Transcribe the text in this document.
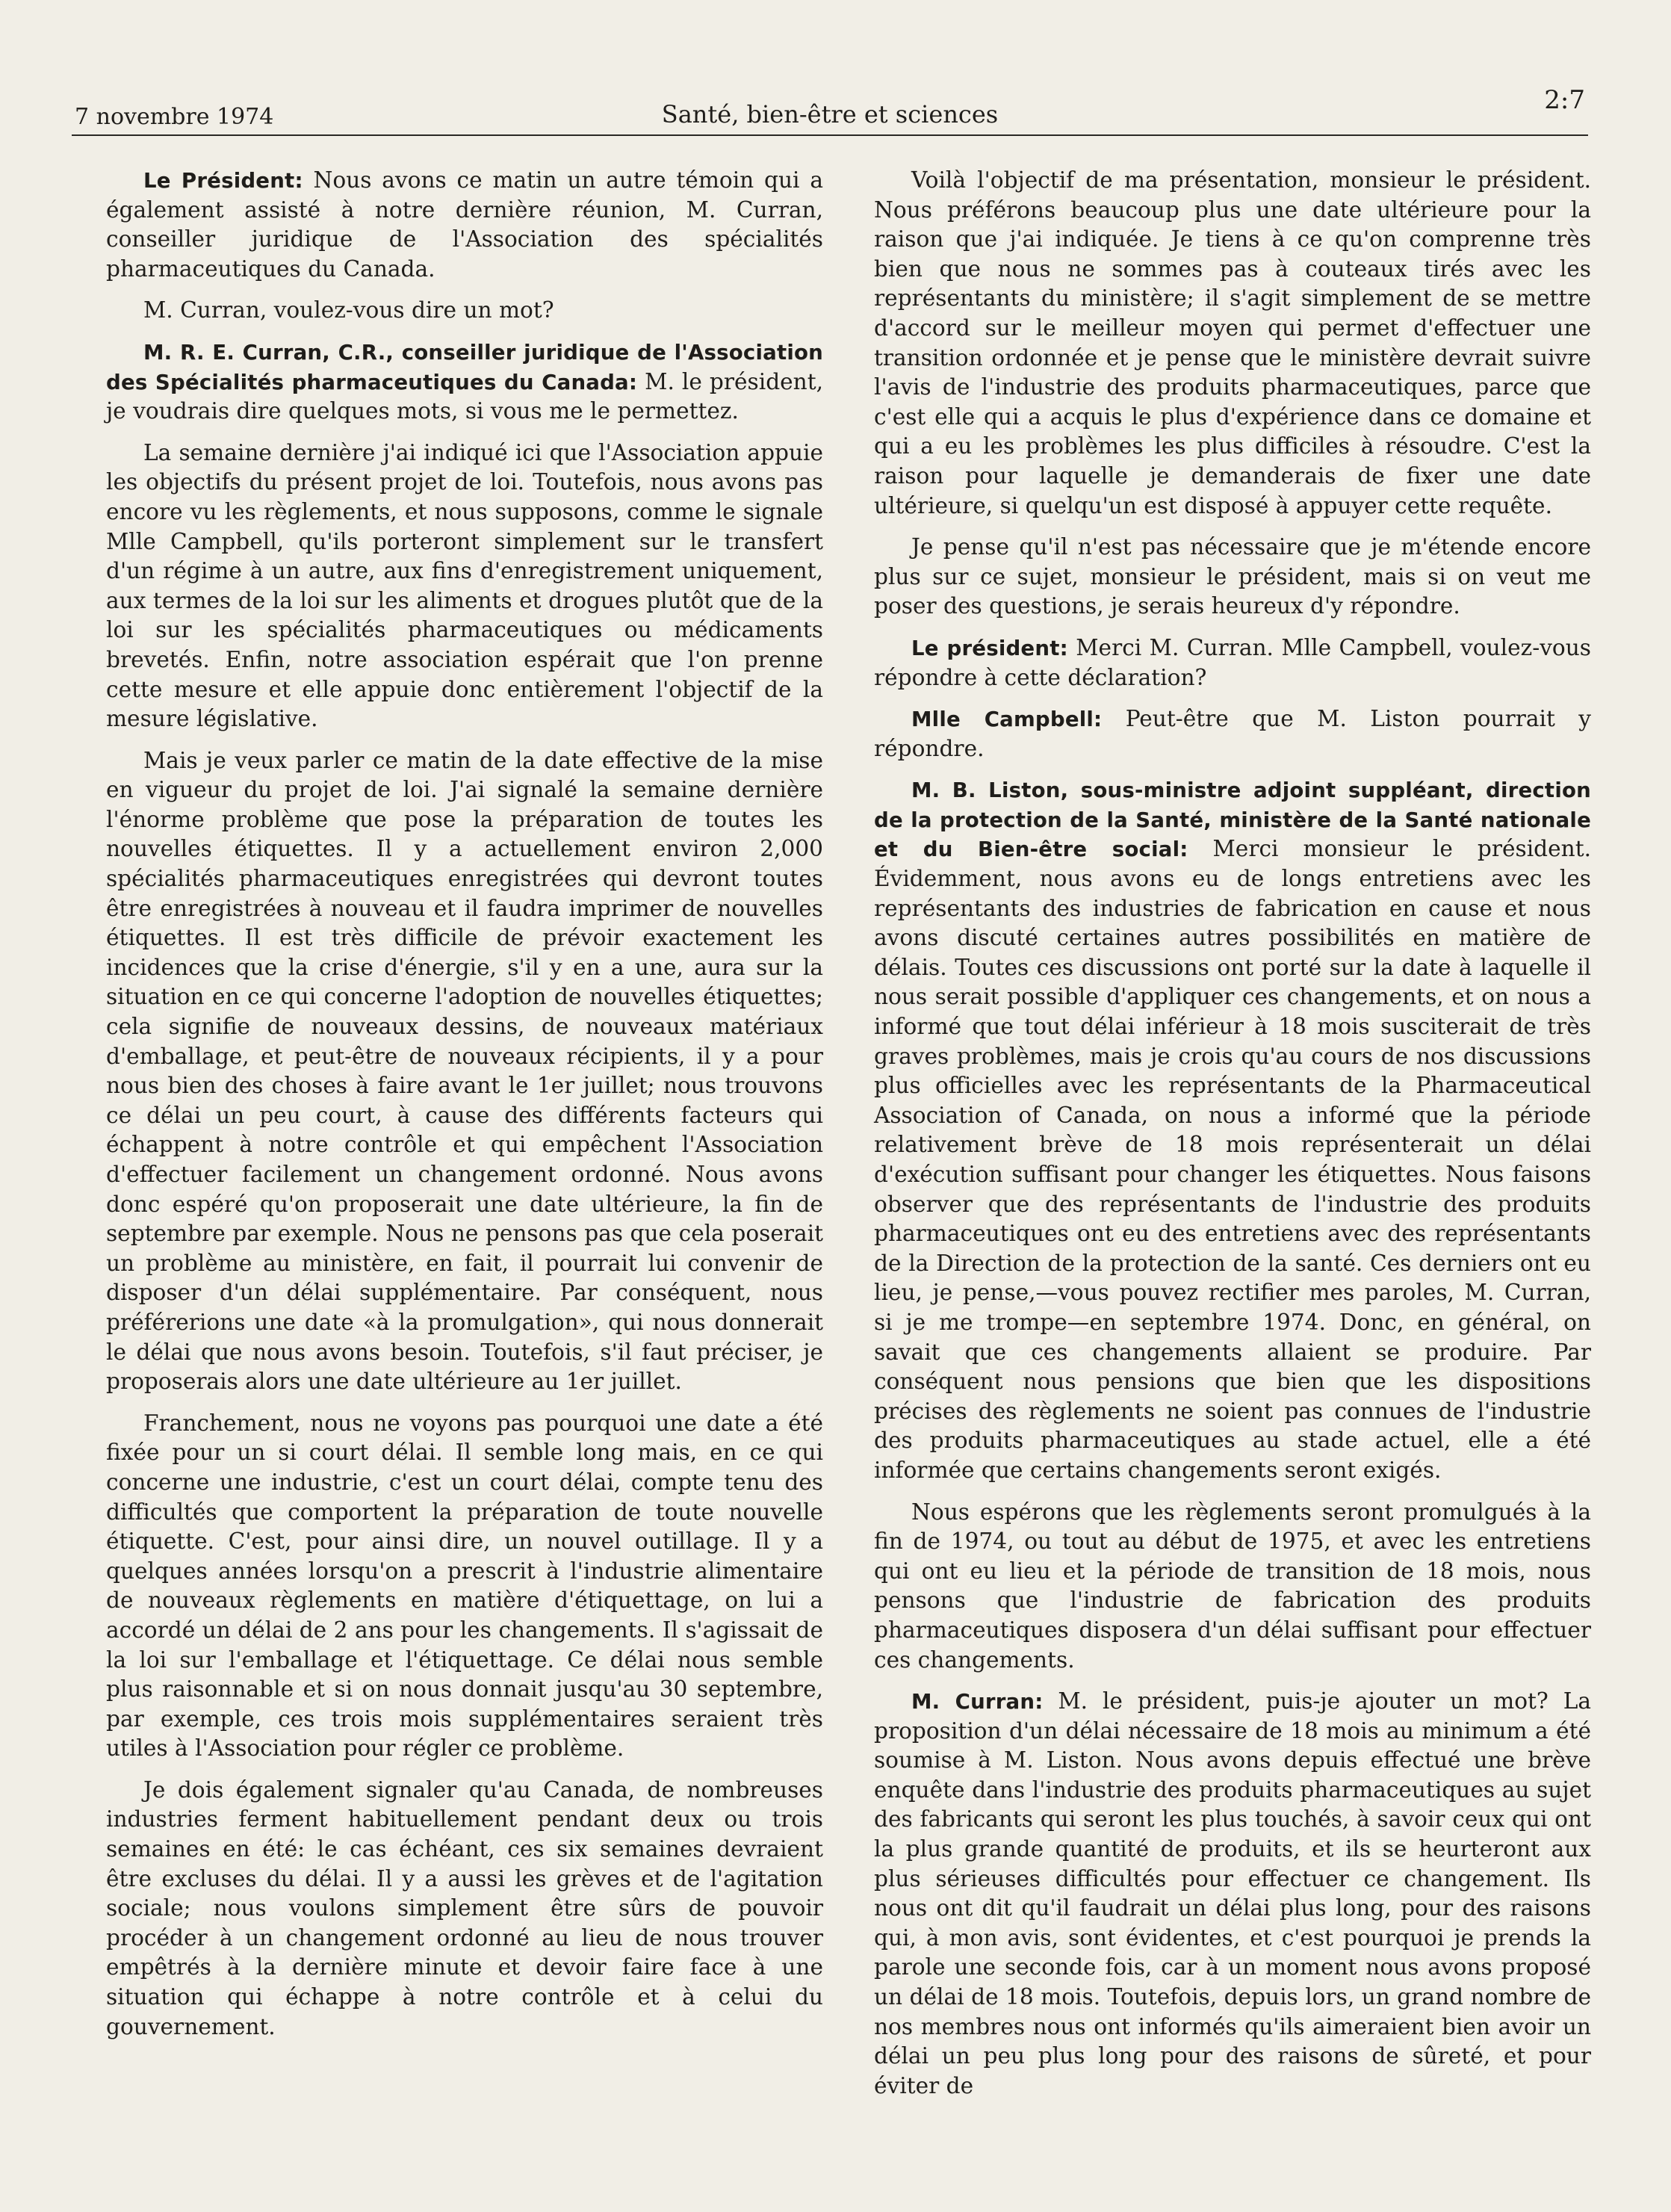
7 novembre 1974	Santé, bien-être et sciences	2:7

Le Président: Nous avons ce matin un autre témoin qui a également assisté à notre dernière réunion, M. Curran, conseiller juridique de l'Association des spécialités pharmaceutiques du Canada.

M. Curran, voulez-vous dire un mot?

M. R. E. Curran, C.R., conseiller juridique de l'Association des Spécialités pharmaceutiques du Canada: M. le président, je voudrais dire quelques mots, si vous me le permettez.

La semaine dernière j'ai indiqué ici que l'Association appuie les objectifs du présent projet de loi. Toutefois, nous avons pas encore vu les règlements, et nous supposons, comme le signale Mlle Campbell, qu'ils porteront simplement sur le transfert d'un régime à un autre, aux fins d'enregistrement uniquement, aux termes de la loi sur les aliments et drogues plutôt que de la loi sur les spécialités pharmaceutiques ou médicaments brevetés. Enfin, notre association espérait que l'on prenne cette mesure et elle appuie donc entièrement l'objectif de la mesure législative.

Mais je veux parler ce matin de la date effective de la mise en vigueur du projet de loi. J'ai signalé la semaine dernière l'énorme problème que pose la préparation de toutes les nouvelles étiquettes. Il y a actuellement environ 2,000 spécialités pharmaceutiques enregistrées qui devront toutes être enregistrées à nouveau et il faudra imprimer de nouvelles étiquettes. Il est très difficile de prévoir exactement les incidences que la crise d'énergie, s'il y en a une, aura sur la situation en ce qui concerne l'adoption de nouvelles étiquettes; cela signifie de nouveaux dessins, de nouveaux matériaux d'emballage, et peut-être de nouveaux récipients, il y a pour nous bien des choses à faire avant le 1er juillet; nous trouvons ce délai un peu court, à cause des différents facteurs qui échappent à notre contrôle et qui empêchent l'Association d'effectuer facilement un changement ordonné. Nous avons donc espéré qu'on proposerait une date ultérieure, la fin de septembre par exemple. Nous ne pensons pas que cela poserait un problème au ministère, en fait, il pourrait lui convenir de disposer d'un délai supplémentaire. Par conséquent, nous préférerions une date «à la promulgation», qui nous donnerait le délai que nous avons besoin. Toutefois, s'il faut préciser, je proposerais alors une date ultérieure au 1er juillet.

Franchement, nous ne voyons pas pourquoi une date a été fixée pour un si court délai. Il semble long mais, en ce qui concerne une industrie, c'est un court délai, compte tenu des difficultés que comportent la préparation de toute nouvelle étiquette. C'est, pour ainsi dire, un nouvel outillage. Il y a quelques années lorsqu'on a prescrit à l'industrie alimentaire de nouveaux règlements en matière d'étiquettage, on lui a accordé un délai de 2 ans pour les changements. Il s'agissait de la loi sur l'emballage et l'étiquettage. Ce délai nous semble plus raisonnable et si on nous donnait jusqu'au 30 septembre, par exemple, ces trois mois supplémentaires seraient très utiles à l'Association pour régler ce problème.

Je dois également signaler qu'au Canada, de nombreuses industries ferment habituellement pendant deux ou trois semaines en été: le cas échéant, ces six semaines devraient être excluses du délai. Il y a aussi les grèves et de l'agitation sociale; nous voulons simplement être sûrs de pouvoir procéder à un changement ordonné au lieu de nous trouver empêtrés à la dernière minute et devoir faire face à une situation qui échappe à notre contrôle et à celui du gouvernement.

Voilà l'objectif de ma présentation, monsieur le président. Nous préférons beaucoup plus une date ultérieure pour la raison que j'ai indiquée. Je tiens à ce qu'on comprenne très bien que nous ne sommes pas à couteaux tirés avec les représentants du ministère; il s'agit simplement de se mettre d'accord sur le meilleur moyen qui permet d'effectuer une transition ordonnée et je pense que le ministère devrait suivre l'avis de l'industrie des produits pharmaceutiques, parce que c'est elle qui a acquis le plus d'expérience dans ce domaine et qui a eu les problèmes les plus difficiles à résoudre. C'est la raison pour laquelle je demanderais de fixer une date ultérieure, si quelqu'un est disposé à appuyer cette requête.

Je pense qu'il n'est pas nécessaire que je m'étende encore plus sur ce sujet, monsieur le président, mais si on veut me poser des questions, je serais heureux d'y répondre.

Le président: Merci M. Curran. Mlle Campbell, voulez-vous répondre à cette déclaration?

Mlle Campbell: Peut-être que M. Liston pourrait y répondre.

M. B. Liston, sous-ministre adjoint suppléant, direction de la protection de la Santé, ministère de la Santé nationale et du Bien-être social: Merci monsieur le président. Évidemment, nous avons eu de longs entretiens avec les représentants des industries de fabrication en cause et nous avons discuté certaines autres possibilités en matière de délais. Toutes ces discussions ont porté sur la date à laquelle il nous serait possible d'appliquer ces changements, et on nous a informé que tout délai inférieur à 18 mois susciterait de très graves problèmes, mais je crois qu'au cours de nos discussions plus officielles avec les représentants de la Pharmaceutical Association of Canada, on nous a informé que la période relativement brève de 18 mois représenterait un délai d'exécution suffisant pour changer les étiquettes. Nous faisons observer que des représentants de l'industrie des produits pharmaceutiques ont eu des entretiens avec des représentants de la Direction de la protection de la santé. Ces derniers ont eu lieu, je pense,—vous pouvez rectifier mes paroles, M. Curran, si je me trompe—en septembre 1974. Donc, en général, on savait que ces changements allaient se produire. Par conséquent nous pensions que bien que les dispositions précises des règlements ne soient pas connues de l'industrie des produits pharmaceutiques au stade actuel, elle a été informée que certains changements seront exigés.

Nous espérons que les règlements seront promulgués à la fin de 1974, ou tout au début de 1975, et avec les entretiens qui ont eu lieu et la période de transition de 18 mois, nous pensons que l'industrie de fabrication des produits pharmaceutiques disposera d'un délai suffisant pour effectuer ces changements.

M. Curran: M. le président, puis-je ajouter un mot? La proposition d'un délai nécessaire de 18 mois au minimum a été soumise à M. Liston. Nous avons depuis effectué une brève enquête dans l'industrie des produits pharmaceutiques au sujet des fabricants qui seront les plus touchés, à savoir ceux qui ont la plus grande quantité de produits, et ils se heurteront aux plus sérieuses difficultés pour effectuer ce changement. Ils nous ont dit qu'il faudrait un délai plus long, pour des raisons qui, à mon avis, sont évidentes, et c'est pourquoi je prends la parole une seconde fois, car à un moment nous avons proposé un délai de 18 mois. Toutefois, depuis lors, un grand nombre de nos membres nous ont informés qu'ils aimeraient bien avoir un délai un peu plus long pour des raisons de sûreté, et pour éviter de
